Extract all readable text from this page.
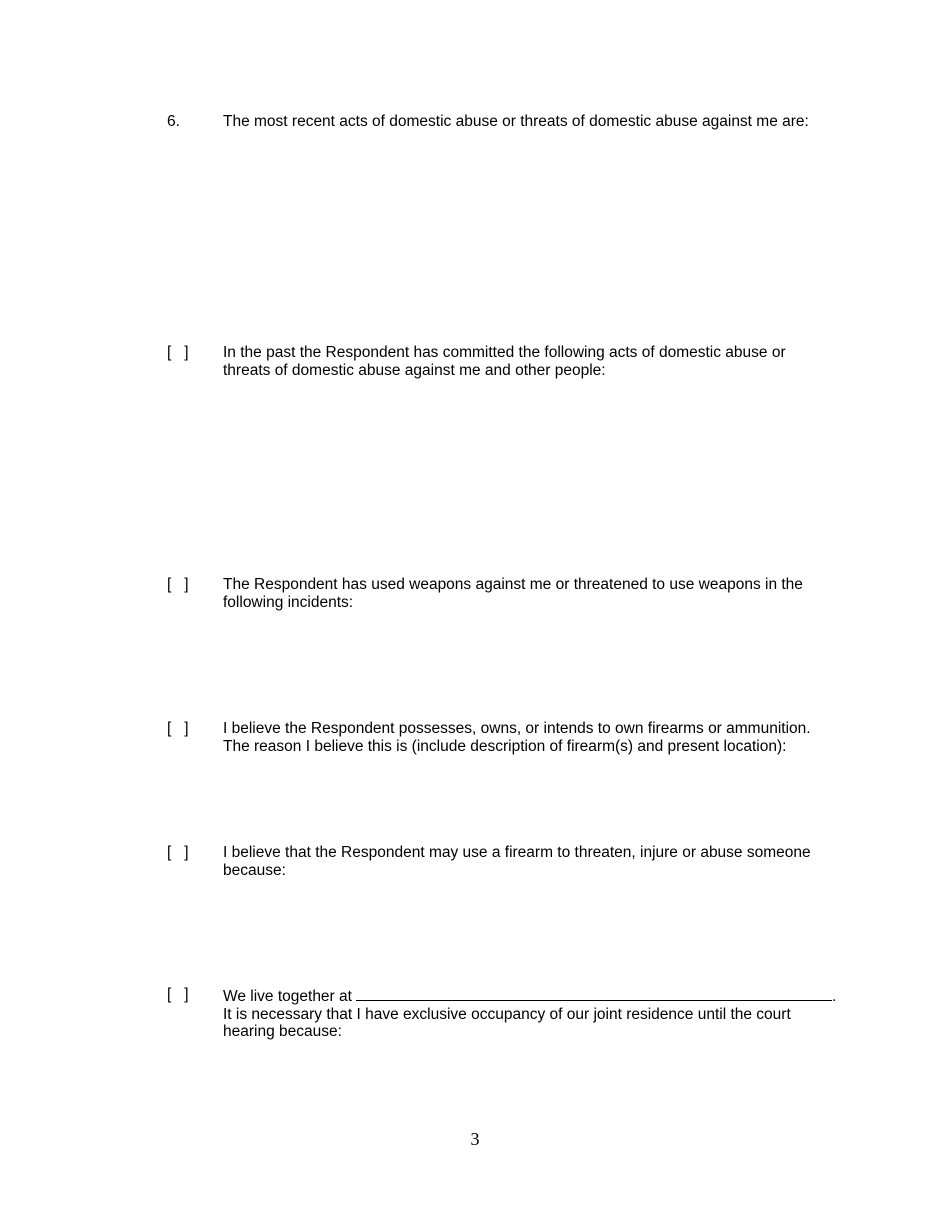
6.	The most recent acts of domestic abuse or threats of domestic abuse against me are:
[   ] In the past the Respondent has committed the following acts of domestic abuse or
threats of domestic abuse against me and other people:
[   ] The Respondent has used weapons against me or threatened to use weapons in the
following incidents:
[   ] I believe the Respondent possesses, owns, or intends to own firearms or ammunition.
The reason I believe this is (include description of firearm(s) and present location):
[   ] I believe that the Respondent may use a firearm to threaten, injure or abuse someone
because:
[   ] We live together at	.
It is necessary that I have exclusive occupancy of our joint residence until the court
hearing because:
3
